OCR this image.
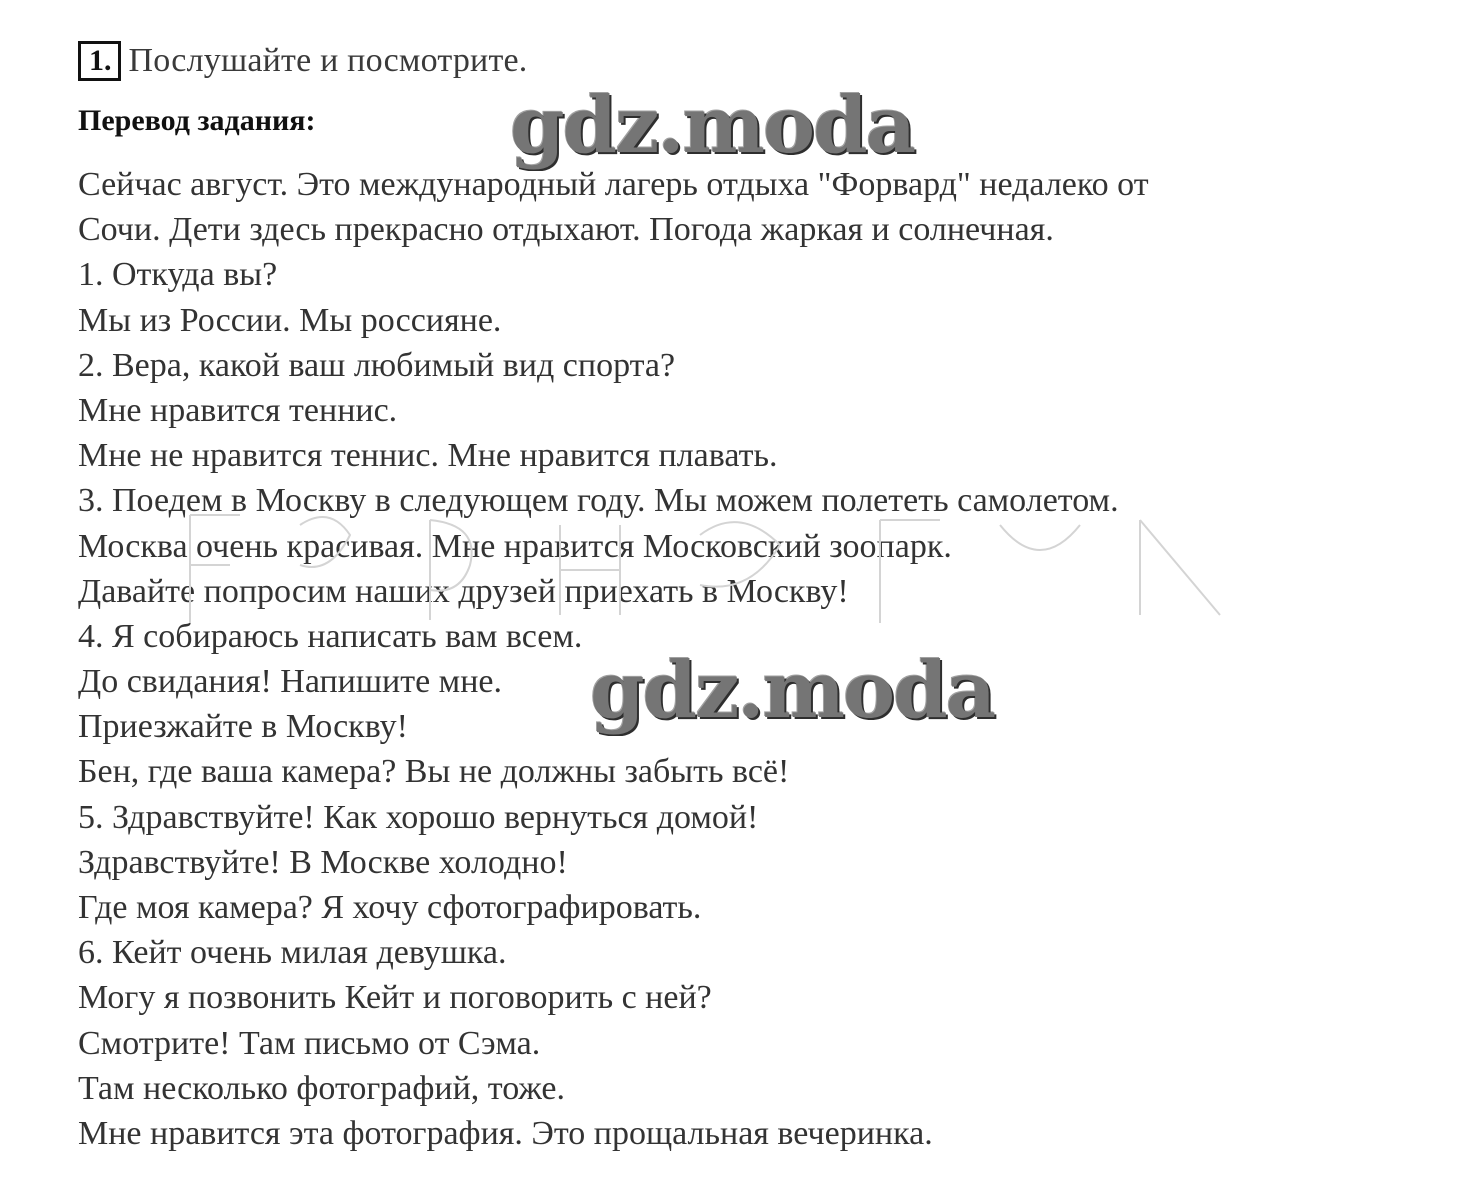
1. Послушайте и посмотрите.
Перевод задания:
Сейчас август. Это международный лагерь отдыха "Форвард" недалеко от
Сочи. Дети здесь прекрасно отдыхают. Погода жаркая и солнечная.
1. Откуда вы?
Мы из России. Мы россияне.
2. Вера, какой ваш любимый вид спорта?
Мне нравится теннис.
Мне не нравится теннис. Мне нравится плавать.
3. Поедем в Москву в следующем году. Мы можем полететь самолетом.
Москва очень красивая. Мне нравится Московский зоопарк.
Давайте попросим наших друзей приехать в Москву!
4. Я собираюсь написать вам всем.
До свидания! Напишите мне.
Приезжайте в Москву!
Бен, где ваша камера? Вы не должны забыть всё!
5. Здравствуйте! Как хорошо вернуться домой!
Здравствуйте! В Москве холодно!
Где моя камера? Я хочу сфотографировать.
6. Кейт очень милая девушка.
Могу я позвонить Кейт и поговорить с ней?
Смотрите! Там письмо от Сэма.
Там несколько фотографий, тоже.
Мне нравится эта фотография. Это прощальная вечеринка.
gdz.moda
gdz.moda
